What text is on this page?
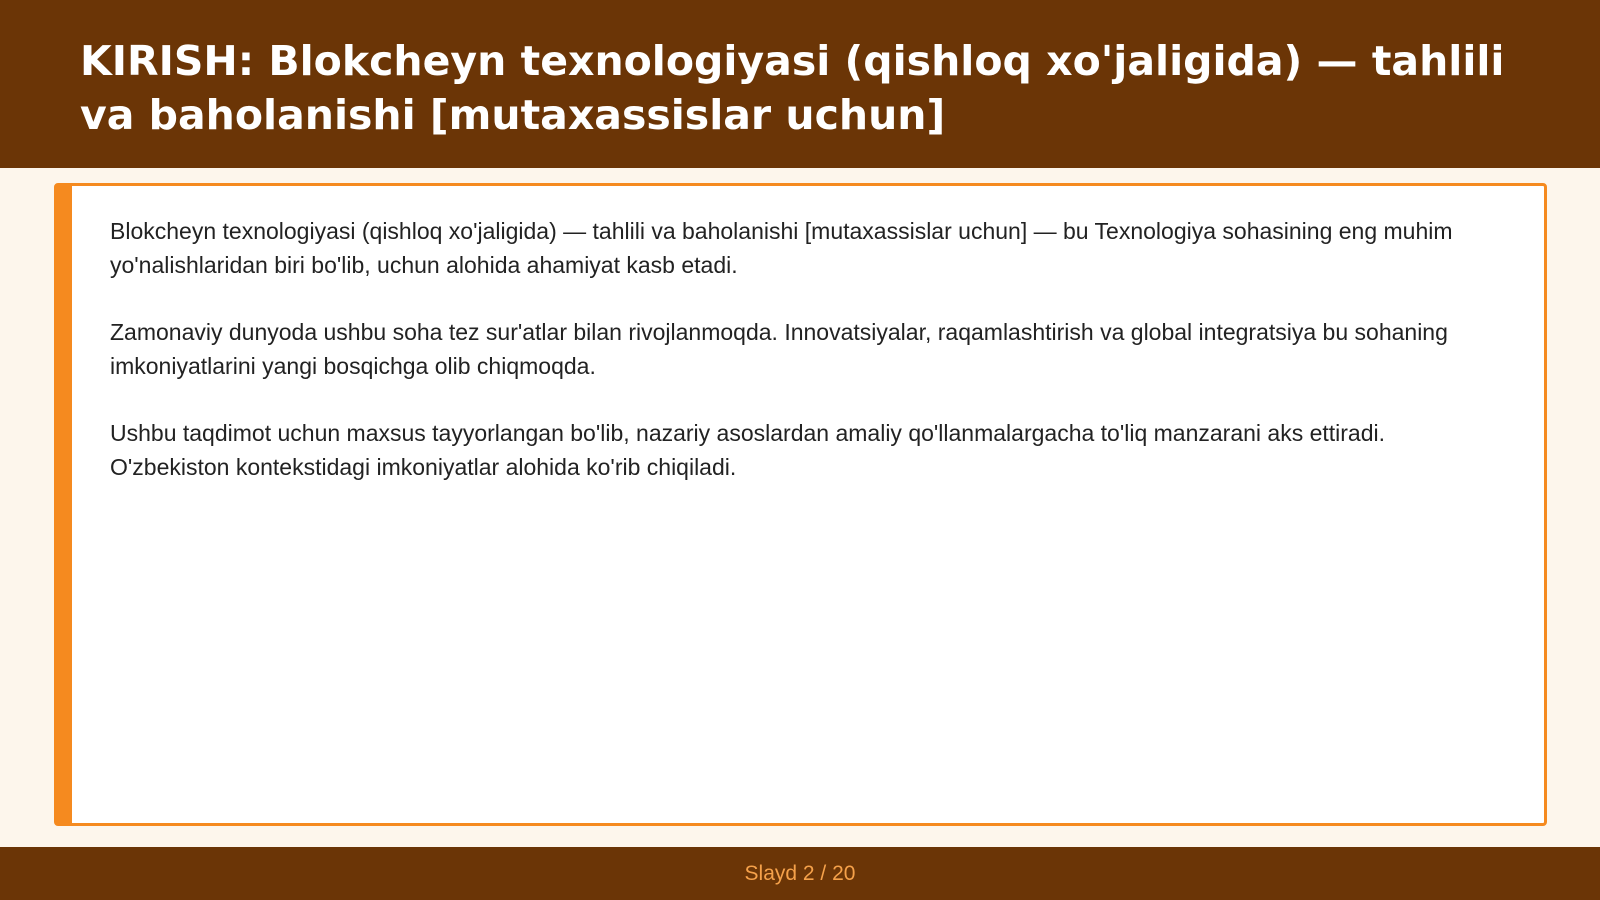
KIRISH: Blokcheyn texnologiyasi (qishloq xo'jaligida) — tahlili va baholanishi [mutaxassislar uchun]

Blokcheyn texnologiyasi (qishloq xo'jaligida) — tahlili va baholanishi [mutaxassislar uchun] — bu Texnologiya sohasining eng muhim yo'nalishlaridan biri bo'lib, uchun alohida ahamiyat kasb etadi.

Zamonaviy dunyoda ushbu soha tez sur'atlar bilan rivojlanmoqda. Innovatsiyalar, raqamlashtirish va global integratsiya bu sohaning imkoniyatlarini yangi bosqichga olib chiqmoqda.

Ushbu taqdimot uchun maxsus tayyorlangan bo'lib, nazariy asoslardan amaliy qo'llanmalargacha to'liq manzarani aks ettiradi. O'zbekiston kontekstidagi imkoniyatlar alohida ko'rib chiqiladi.

Slayd 2 / 20
